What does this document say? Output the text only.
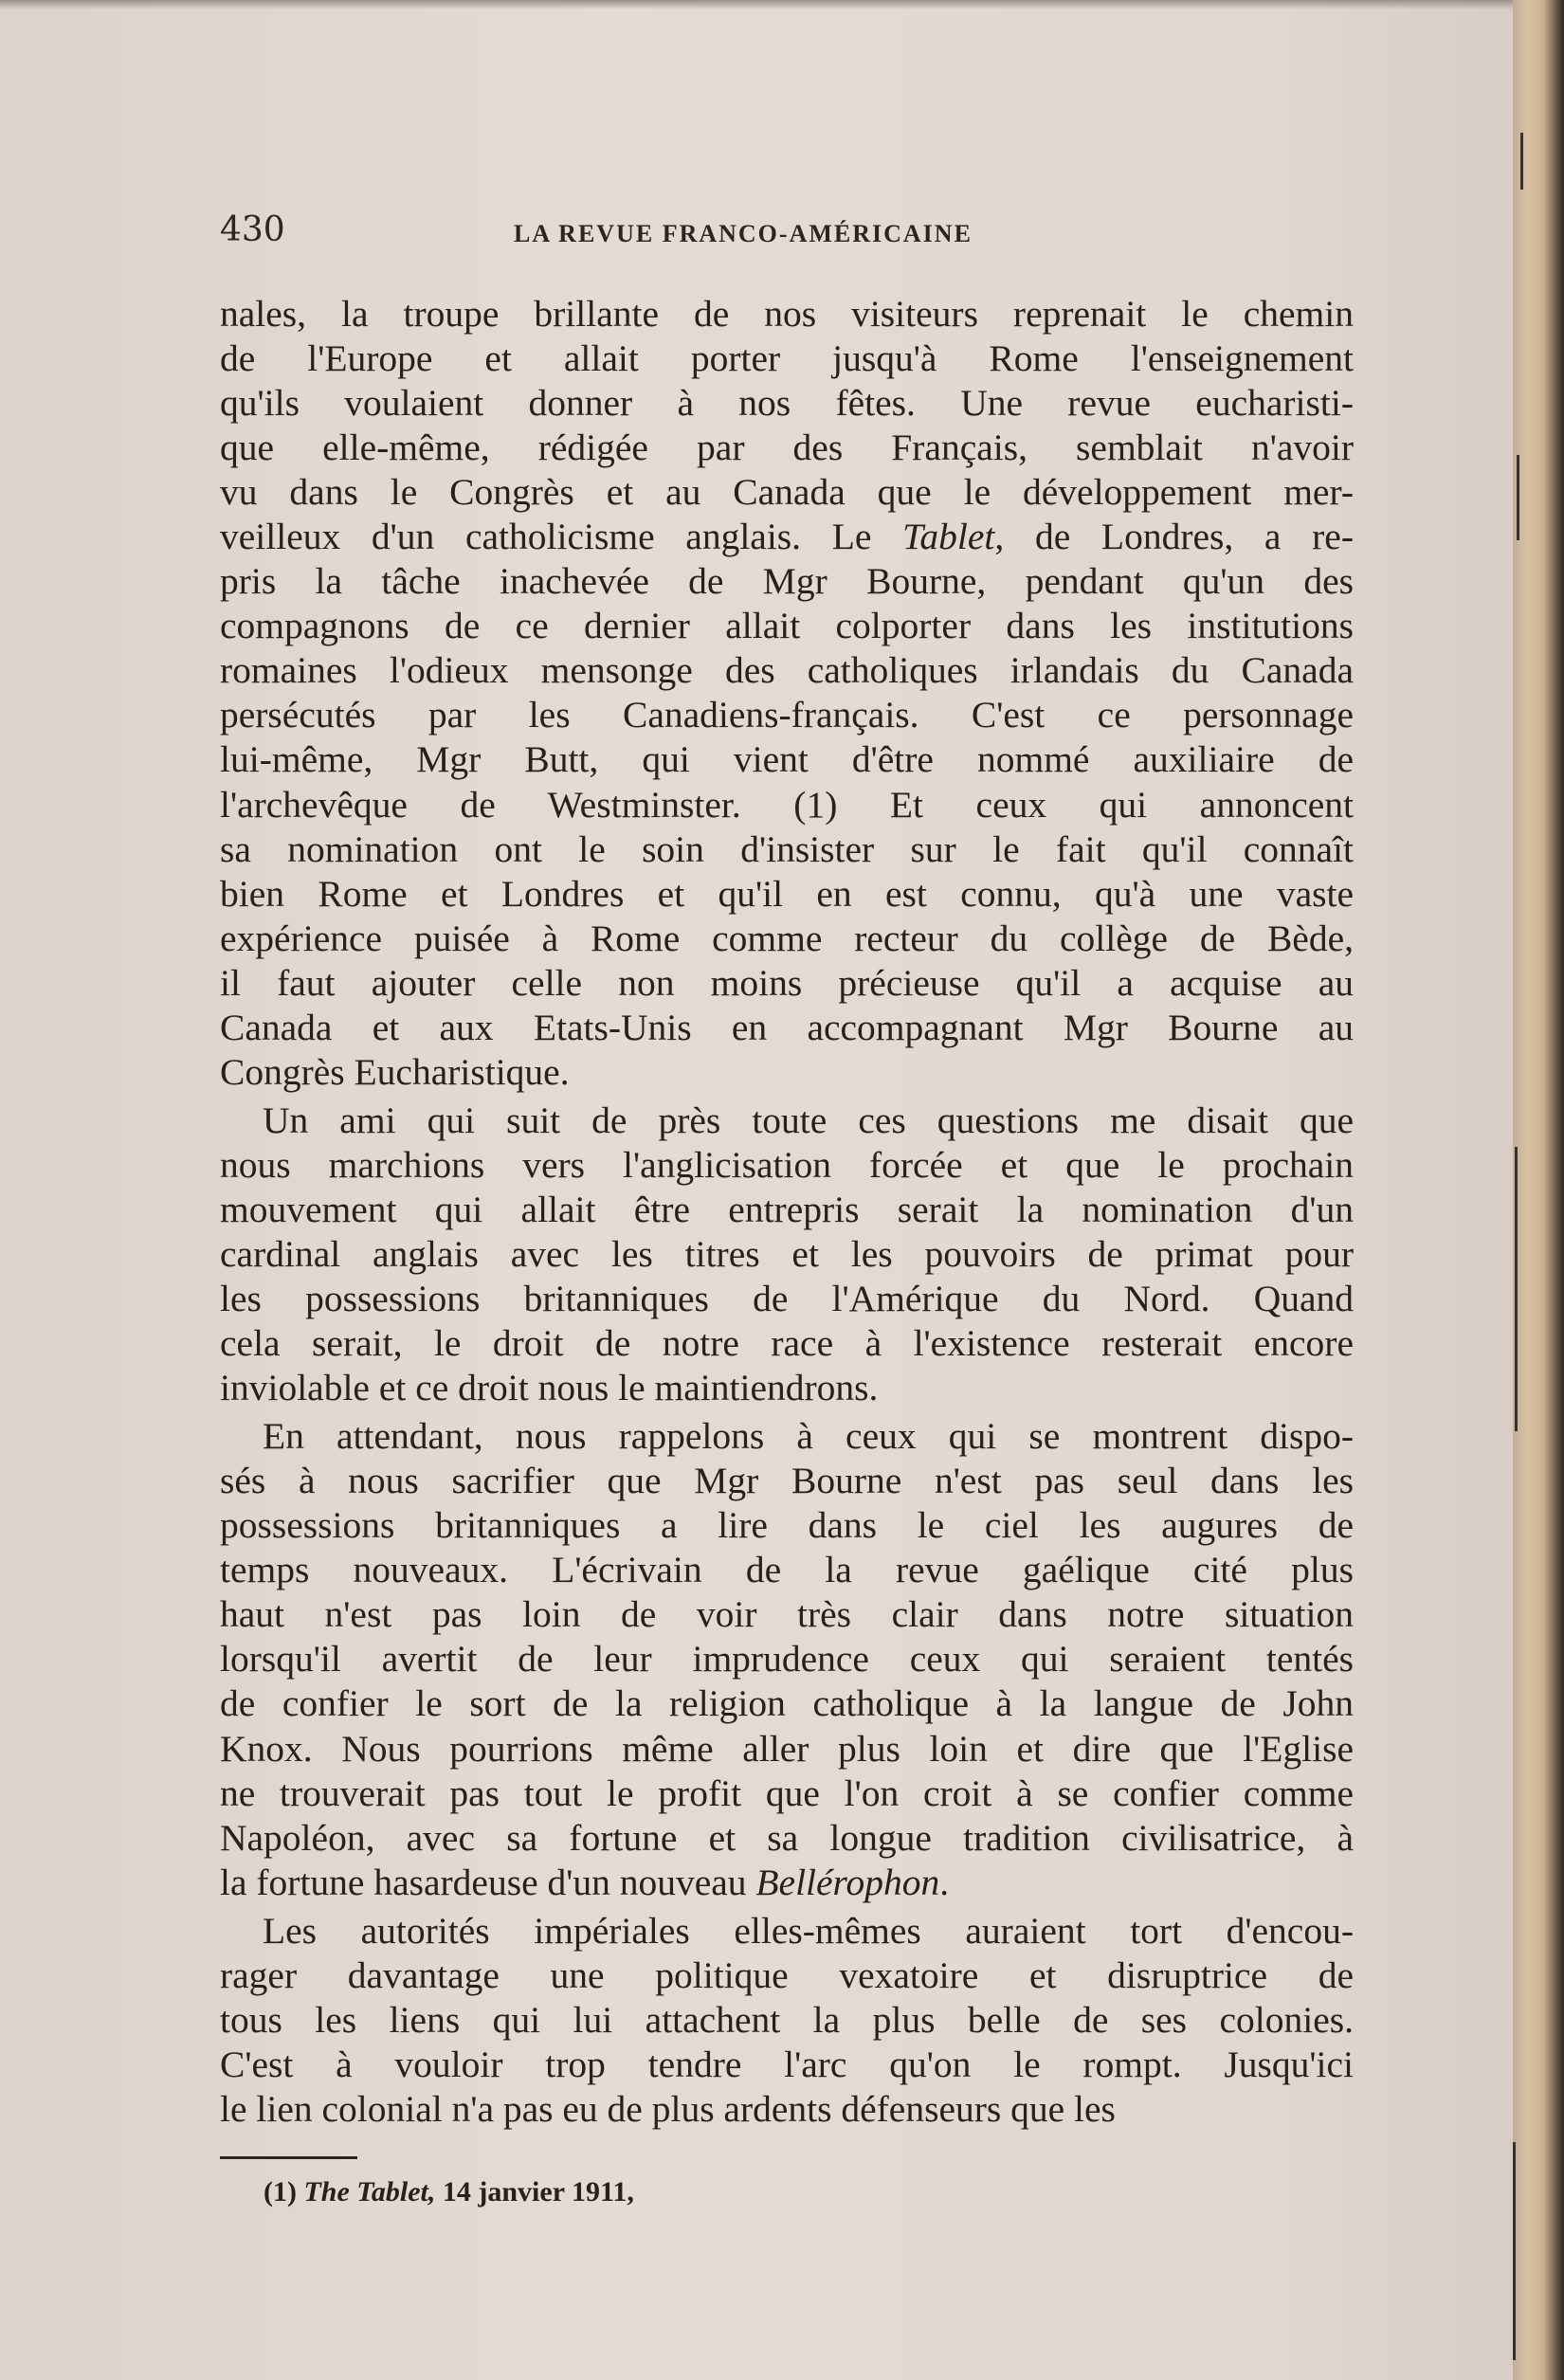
430	LA REVUE FRANCO-AMÉRICAINE

nales, la troupe brillante de nos visiteurs reprenait le chemin
de l'Europe et allait porter jusqu'à Rome l'enseignement
qu'ils voulaient donner à nos fêtes. Une revue eucharisti-
que elle-même, rédigée par des Français, semblait n'avoir
vu dans le Congrès et au Canada que le développement mer-
veilleux d'un catholicisme anglais. Le Tablet, de Londres, a re-
pris la tâche inachevée de Mgr Bourne, pendant qu'un des
compagnons de ce dernier allait colporter dans les institutions
romaines l'odieux mensonge des catholiques irlandais du Canada
persécutés par les Canadiens-français. C'est ce personnage
lui-même, Mgr Butt, qui vient d'être nommé auxiliaire de
l'archevêque de Westminster. (1) Et ceux qui annoncent
sa nomination ont le soin d'insister sur le fait qu'il connaît
bien Rome et Londres et qu'il en est connu, qu'à une vaste
expérience puisée à Rome comme recteur du collège de Bède,
il faut ajouter celle non moins précieuse qu'il a acquise au
Canada et aux Etats-Unis en accompagnant Mgr Bourne au
Congrès Eucharistique.

Un ami qui suit de près toute ces questions me disait que
nous marchions vers l'anglicisation forcée et que le prochain
mouvement qui allait être entrepris serait la nomination d'un
cardinal anglais avec les titres et les pouvoirs de primat pour
les possessions britanniques de l'Amérique du Nord. Quand
cela serait, le droit de notre race à l'existence resterait encore
inviolable et ce droit nous le maintiendrons.

En attendant, nous rappelons à ceux qui se montrent dispo-
sés à nous sacrifier que Mgr Bourne n'est pas seul dans les
possessions britanniques a lire dans le ciel les augures de
temps nouveaux. L'écrivain de la revue gaélique cité plus
haut n'est pas loin de voir très clair dans notre situation
lorsqu'il avertit de leur imprudence ceux qui seraient tentés
de confier le sort de la religion catholique à la langue de John
Knox. Nous pourrions même aller plus loin et dire que l'Eglise
ne trouverait pas tout le profit que l'on croit à se confier comme
Napoléon, avec sa fortune et sa longue tradition civilisatrice, à
la fortune hasardeuse d'un nouveau Bellérophon.

Les autorités impériales elles-mêmes auraient tort d'encou-
rager davantage une politique vexatoire et disruptrice de
tous les liens qui lui attachent la plus belle de ses colonies.
C'est à vouloir trop tendre l'arc qu'on le rompt. Jusqu'ici
le lien colonial n'a pas eu de plus ardents défenseurs que les

(1) The Tablet, 14 janvier 1911,
